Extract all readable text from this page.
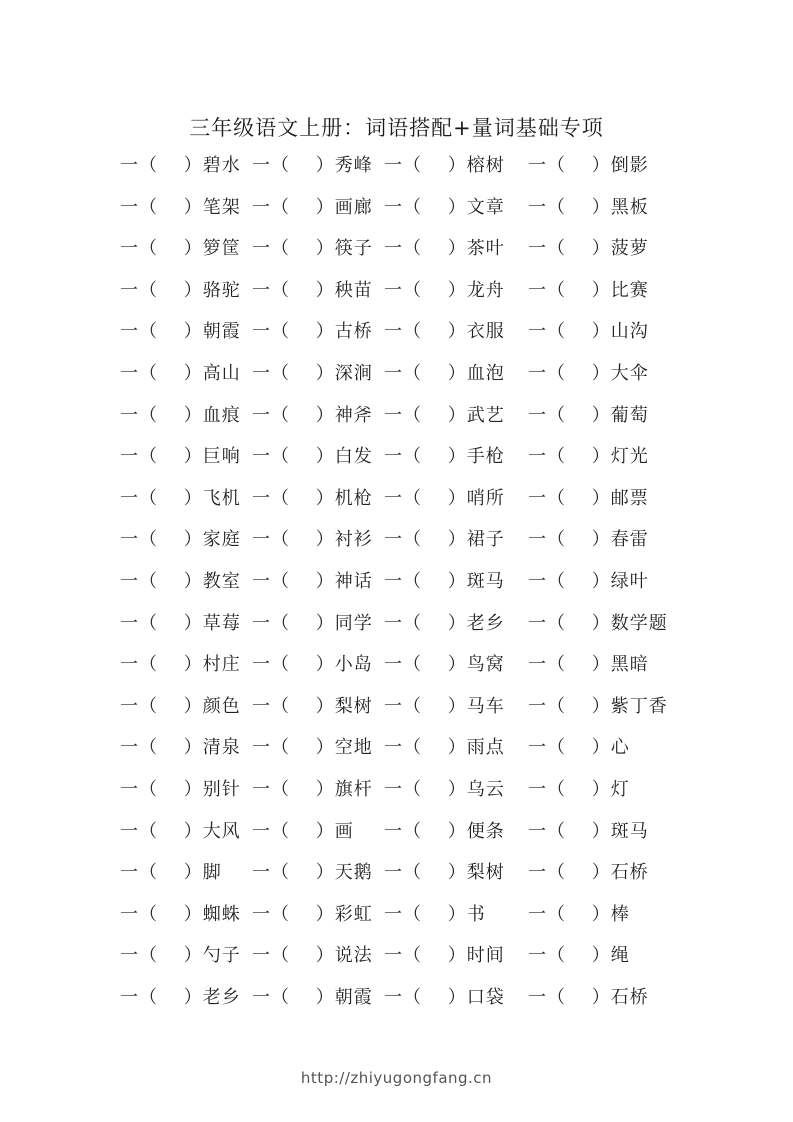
三年级语文上册：词语搭配+量词基础专项
一（　 ）碧水 一（　 ）秀峰 一（　 ）榕树 一（　 ）倒影
一（　 ）笔架 一（　 ）画廊 一（　 ）文章 一（　 ）黑板
一（　 ）箩筐 一（　 ）筷子 一（　 ）茶叶 一（　 ）菠萝
一（　 ）骆驼 一（　 ）秧苗 一（　 ）龙舟 一（　 ）比赛
一（　 ）朝霞 一（　 ）古桥 一（　 ）衣服 一（　 ）山沟
一（　 ）高山 一（　 ）深涧 一（　 ）血泡 一（　 ）大伞
一（　 ）血痕 一（　 ）神斧 一（　 ）武艺 一（　 ）葡萄
一（　 ）巨响 一（　 ）白发 一（　 ）手枪 一（　 ）灯光
一（　 ）飞机 一（　 ）机枪 一（　 ）哨所 一（　 ）邮票
一（　 ）家庭 一（　 ）衬衫 一（　 ）裙子 一（　 ）春雷
一（　 ）教室 一（　 ）神话 一（　 ）斑马 一（　 ）绿叶
一（　 ）草莓 一（　 ）同学 一（　 ）老乡 一（　 ）数学题
一（　 ）村庄 一（　 ）小岛 一（　 ）鸟窝 一（　 ）黑暗
一（　 ）颜色 一（　 ）梨树 一（　 ）马车 一（　 ）紫丁香
一（　 ）清泉 一（　 ）空地 一（　 ）雨点 一（　 ）心
一（　 ）别针 一（　 ）旗杆 一（　 ）乌云 一（　 ）灯
一（　 ）大风 一（　 ）画 一（　 ）便条 一（　 ）斑马
一（　 ）脚 一（　 ）天鹅 一（　 ）梨树 一（　 ）石桥
一（　 ）蜘蛛 一（　 ）彩虹 一（　 ）书 一（　 ）棒
一（　 ）勺子 一（　 ）说法 一（　 ）时间 一（　 ）绳
一（　 ）老乡 一（　 ）朝霞 一（　 ）口袋 一（　 ）石桥
http://zhiyugongfang.cn
